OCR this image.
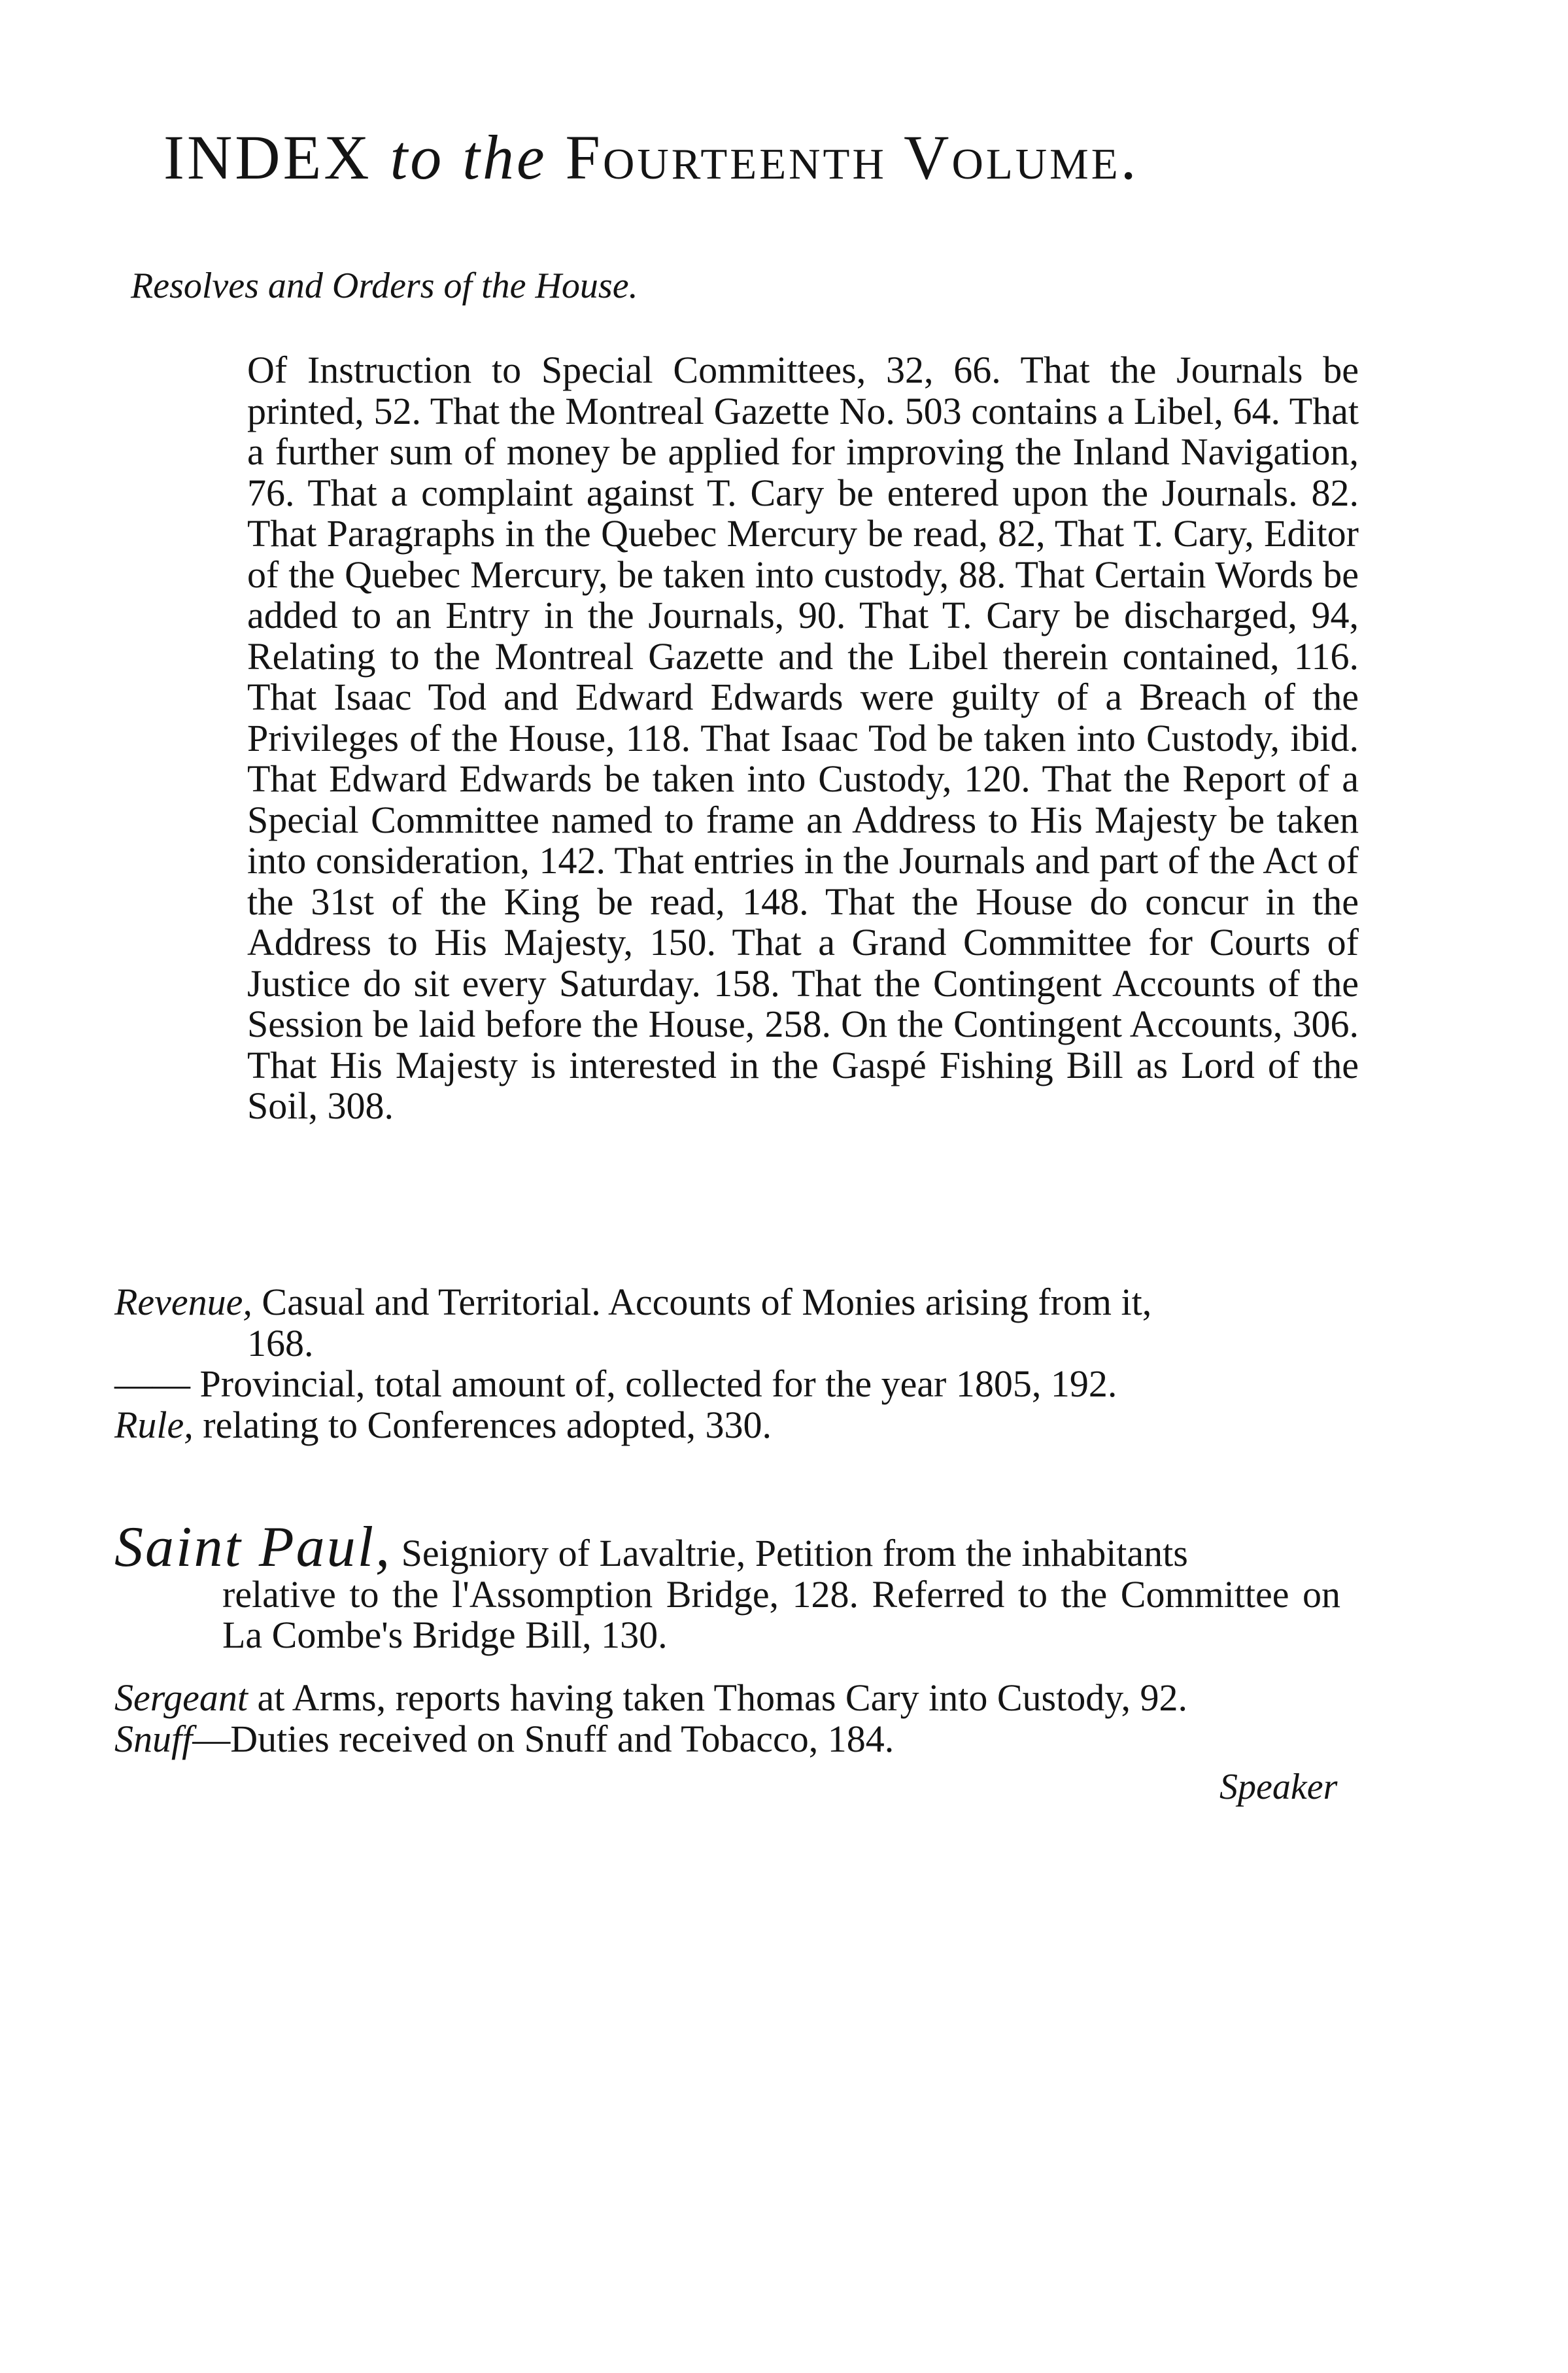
INDEX to the Fourteenth Volume.
Resolves and Orders of the House.
Of Instruction to Special Committees, 32, 66. That the Journals be printed, 52. That the Montreal Gazette No. 503 contains a Libel, 64. That a further sum of money be applied for improving the Inland Navigation, 76. That a complaint against T. Cary be entered upon the Journals. 82. That Paragraphs in the Quebec Mercury be read, 82, That T. Cary, Editor of the Quebec Mercury, be taken into custody, 88. That Certain Words be added to an Entry in the Journals, 90. That T. Cary be discharged, 94, Relating to the Montreal Gazette and the Libel therein contained, 116. That Isaac Tod and Edward Edwards were guilty of a Breach of the Privileges of the House, 118. That Isaac Tod be taken into Custody, ibid. That Edward Edwards be taken into Custody, 120. That the Report of a Special Committee named to frame an Address to His Majesty be taken into consideration, 142. That entries in the Journals and part of the Act of the 31st of the King be read, 148. That the House do concur in the Address to His Majesty, 150. That a Grand Committee for Courts of Justice do sit every Saturday. 158. That the Contingent Accounts of the Session be laid before the House, 258. On the Contingent Accounts, 306. That His Majesty is interested in the Gaspé Fishing Bill as Lord of the Soil, 308.
Revenue, Casual and Territorial. Accounts of Monies arising from it,
168.
—— Provincial, total amount of, collected for the year 1805, 192.
Rule, relating to Conferences adopted, 330.
Saint Paul, Seigniory of Lavaltrie, Petition from the inhabitants
relative to the l'Assomption Bridge, 128. Referred to the Committee on La Combe's Bridge Bill, 130.
Sergeant at Arms, reports having taken Thomas Cary into Custody, 92.
Snuff—Duties received on Snuff and Tobacco, 184.
Speaker
